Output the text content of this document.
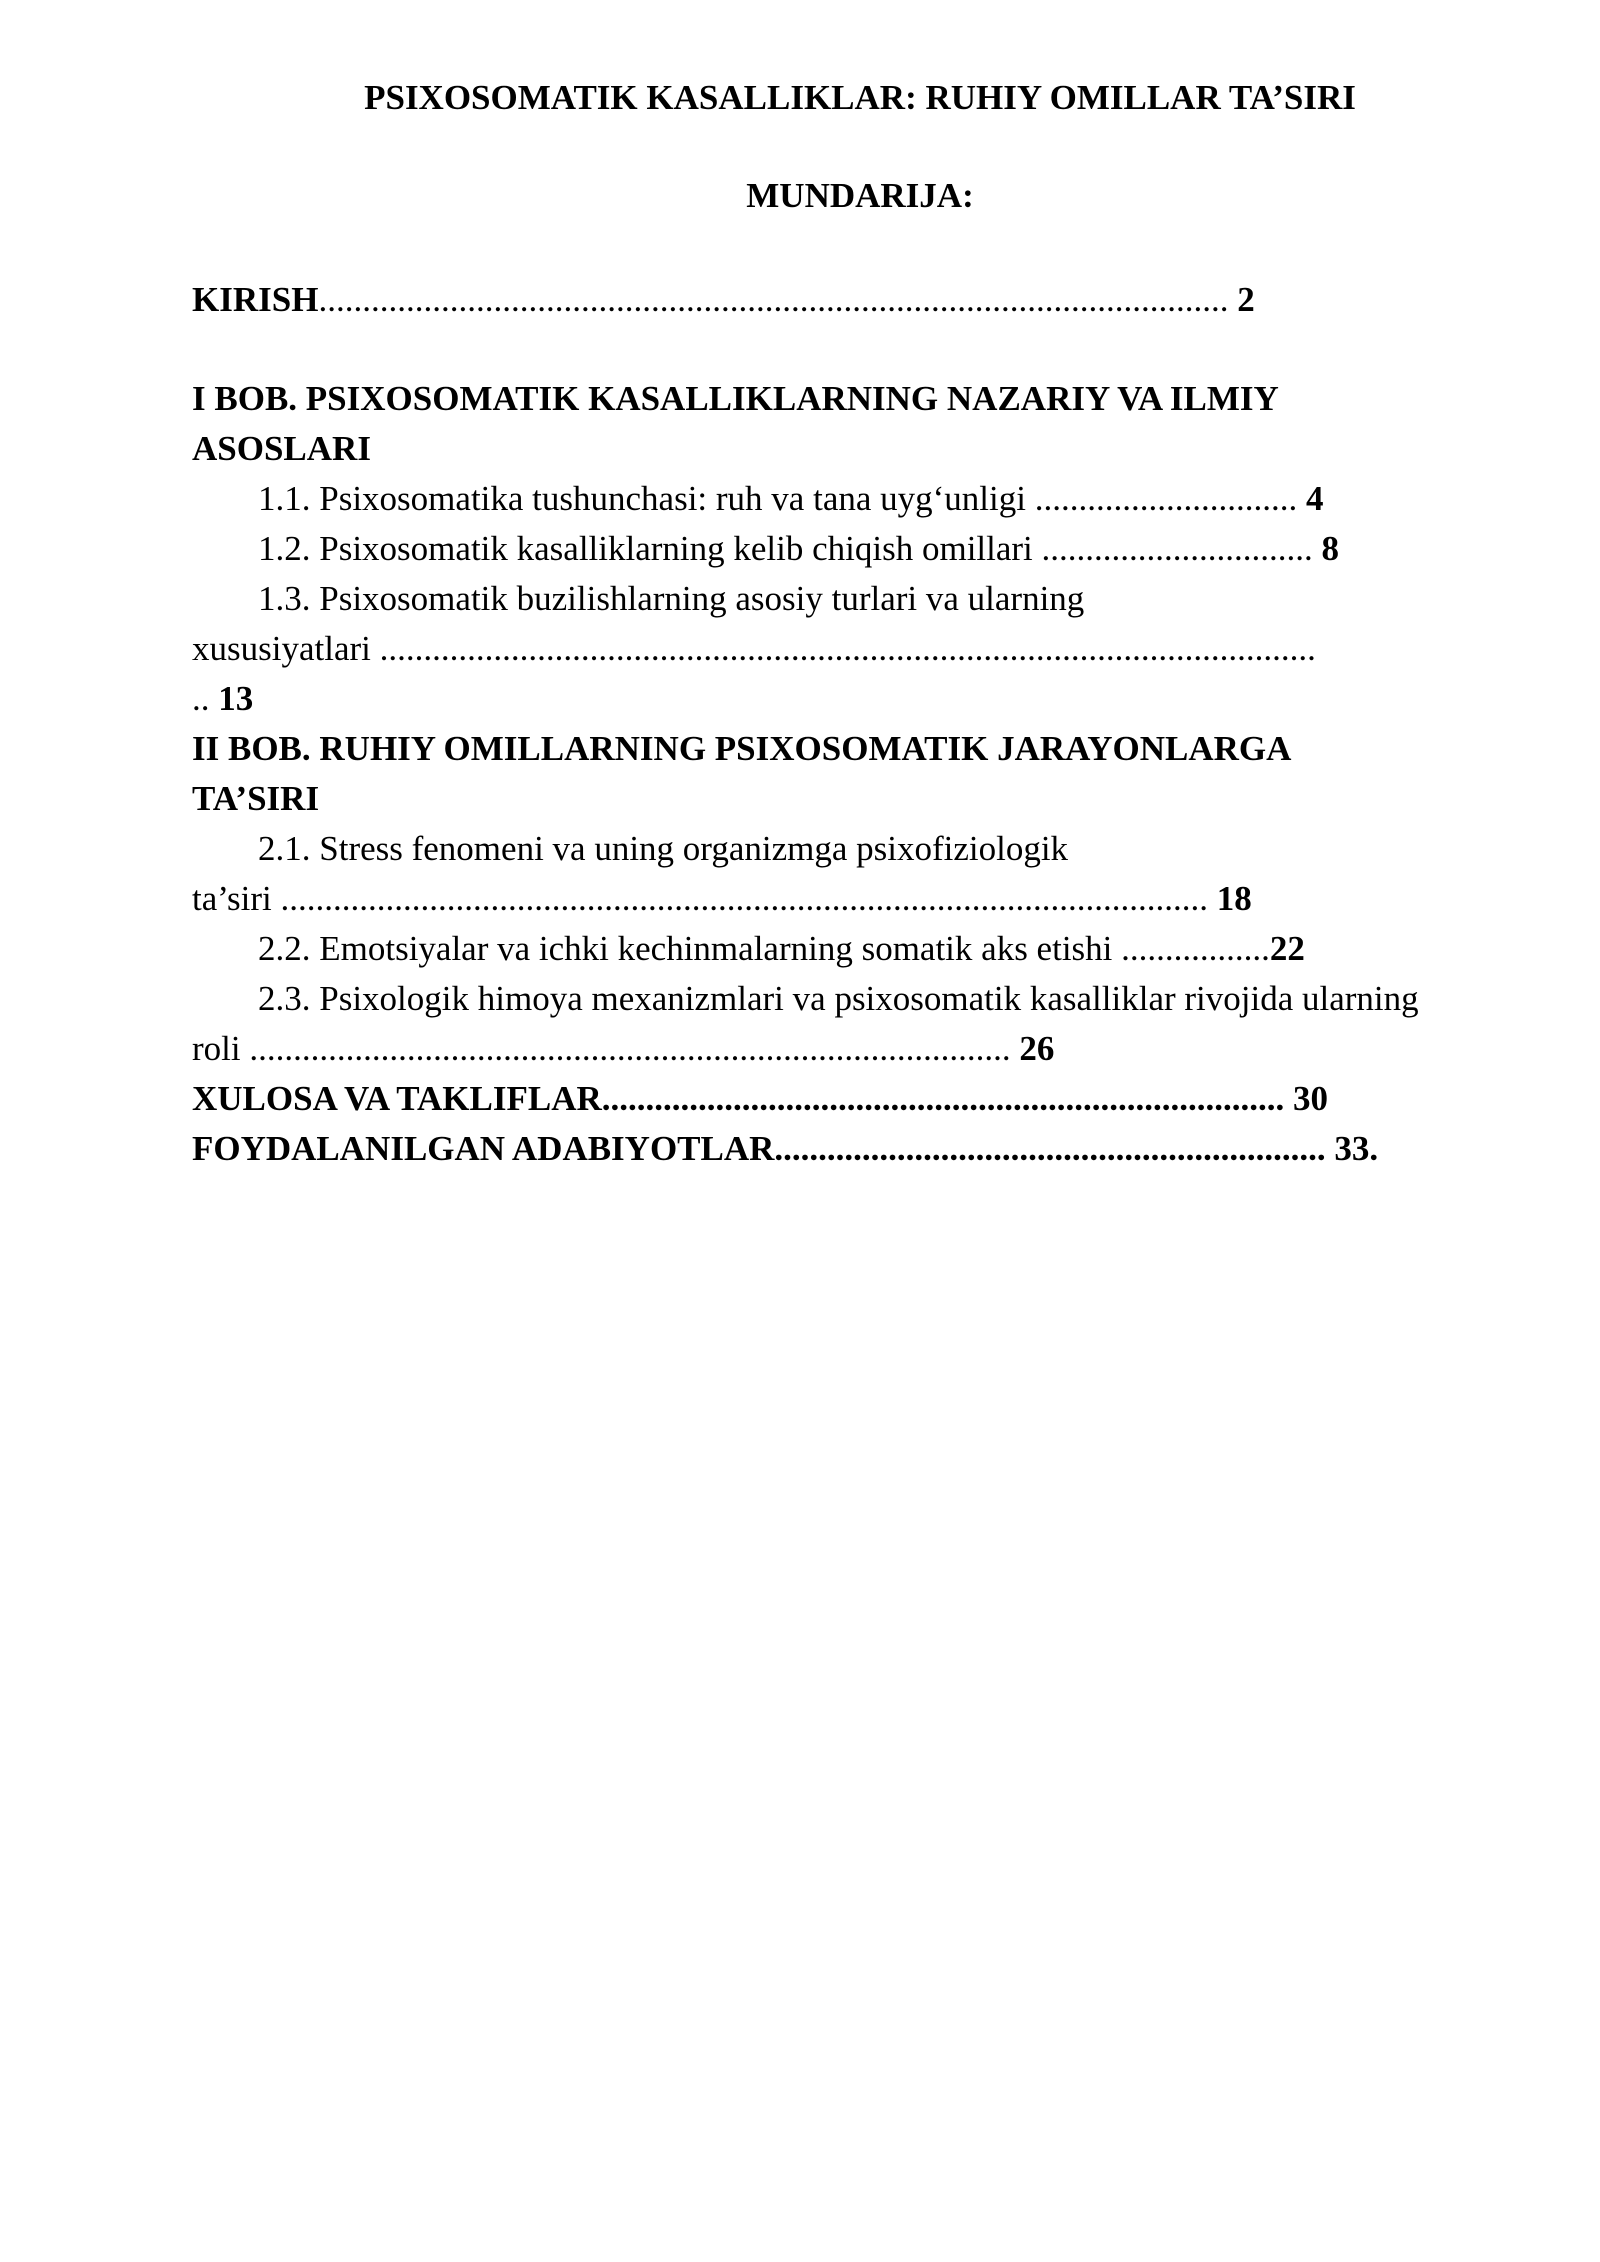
PSIXOSOMATIK KASALLIKLAR: RUHIY OMILLAR TA’SIRI
MUNDARIJA:
KIRISH........................................................................................................ 2
I BOB. PSIXOSOMATIK KASALLIKLARNING NAZARIY VA ILMIY
ASOSLARI
1.1. Psixosomatika tushunchasi: ruh va tana uyg‘unligi .............................. 4
1.2. Psixosomatik kasalliklarning kelib chiqish omillari ............................... 8
1.3. Psixosomatik buzilishlarning asosiy turlari va ularning
xususiyatlari ...........................................................................................................
.. 13
II BOB. RUHIY OMILLARNING PSIXOSOMATIK JARAYONLARGA
TA’SIRI
2.1. Stress fenomeni va uning organizmga psixofiziologik
ta’siri .......................................................................................................... 18
2.2. Emotsiyalar va ichki kechinmalarning somatik aks etishi .................22
2.3. Psixologik himoya mexanizmlari va psixosomatik kasalliklar rivojida ularning
roli ....................................................................................... 26
XULOSA VA TAKLIFLAR.............................................................................. 30
FOYDALANILGAN ADABIYOTLAR............................................................... 33.
